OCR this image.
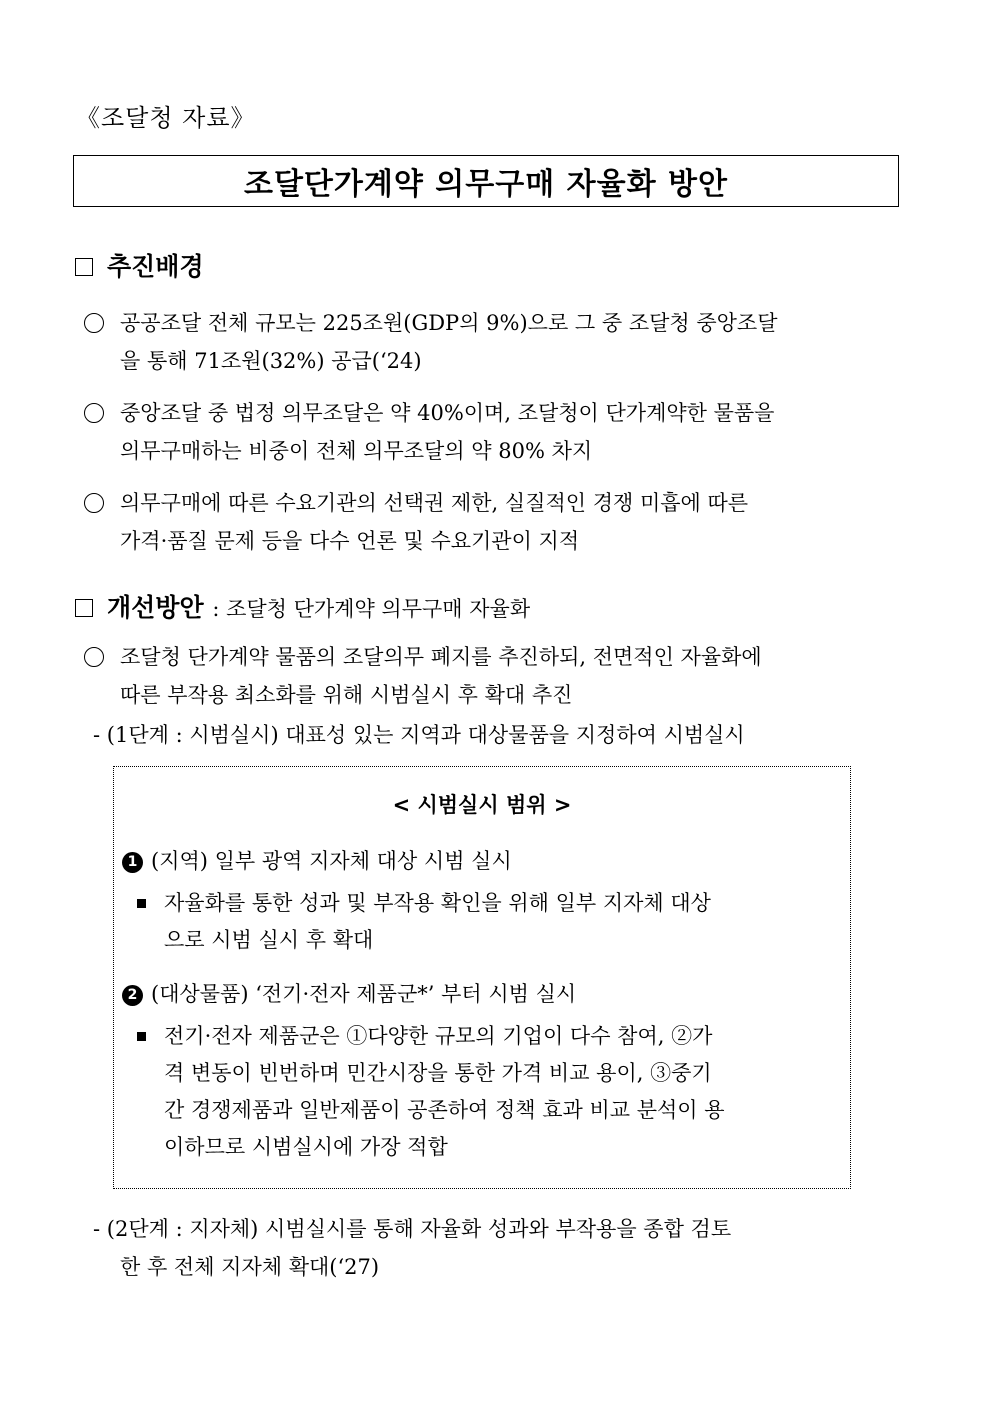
《조달청 자료》
조달단가계약 의무구매 자율화 방안
추진배경
공공조달 전체 규모는 225조원(GDP의 9%)으로 그 중 조달청 중앙조달
을 통해 71조원(32%) 공급(‘24)
중앙조달 중 법정 의무조달은 약 40%이며, 조달청이 단가계약한 물품을
의무구매하는 비중이 전체 의무조달의 약 80% 차지
의무구매에 따른 수요기관의 선택권 제한, 실질적인 경쟁 미흡에 따른
가격·품질 문제 등을 다수 언론 및 수요기관이 지적
개선방안 : 조달청 단가계약 의무구매 자율화
조달청 단가계약 물품의 조달의무 폐지를 추진하되, 전면적인 자율화에
따른 부작용 최소화를 위해 시범실시 후 확대 추진
- (1단계 : 시범실시) 대표성 있는 지역과 대상물품을 지정하여 시범실시
< 시범실시 범위 >
1 (지역) 일부 광역 지자체 대상 시범 실시
자율화를 통한 성과 및 부작용 확인을 위해 일부 지자체 대상
으로 시범 실시 후 확대
2 (대상물품) ‘전기·전자 제품군*’ 부터 시범 실시
전기·전자 제품군은 ①다양한 규모의 기업이 다수 참여, ②가
격 변동이 빈번하며 민간시장을 통한 가격 비교 용이, ③중기
간 경쟁제품과 일반제품이 공존하여 정책 효과 비교 분석이 용
이하므로 시범실시에 가장 적합
- (2단계 : 지자체) 시범실시를 통해 자율화 성과와 부작용을 종합 검토
한 후 전체 지자체 확대(‘27)
